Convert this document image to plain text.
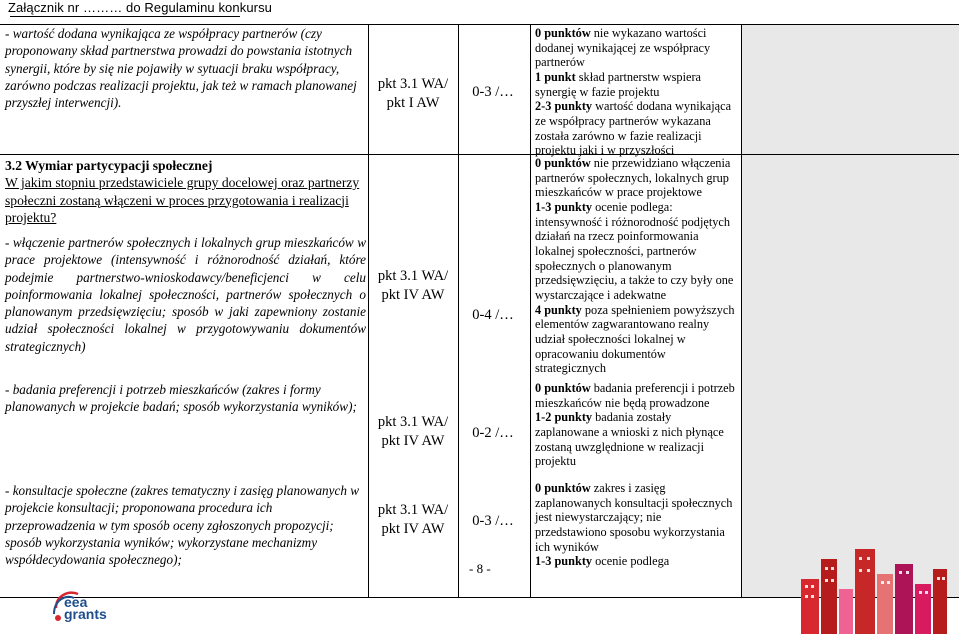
Załącznik nr ……… do Regulaminu konkursu
- wartość dodana wynikająca ze współpracy partnerów (czy proponowany skład partnerstwa prowadzi do powstania istotnych synergii, które by się nie pojawiły w sytuacji braku współpracy, zarówno podczas realizacji projektu, jak też w ramach planowanej przyszłej interwencji).
pkt 3.1 WA/
pkt I AW
0-3 /…
0 punktów nie wykazano wartości dodanej wynikającej ze współpracy partnerów
1 punkt skład partnerstw wspiera synergię w fazie projektu
2-3 punkty wartość dodana wynikająca ze współpracy partnerów wykazana została zarówno w fazie realizacji projektu jaki i w przyszłości
3.2 Wymiar partycypacji społecznej
W jakim stopniu przedstawiciele grupy docelowej oraz partnerzy społeczni zostaną włączeni w proces przygotowania i realizacji projektu?
- włączenie partnerów społecznych i lokalnych grup mieszkańców w prace projektowe (intensywność i różnorodność działań, które podejmie partnerstwo-wnioskodawcy/beneficjenci w celu poinformowania lokalnej społeczności, partnerów społecznych o planowanym przedsięwzięciu; sposób w jaki zapewniony zostanie udział społeczności lokalnej w przygotowywaniu dokumentów strategicznych)
pkt 3.1 WA/
pkt IV AW
0-4 /…
0 punktów nie przewidziano włączenia partnerów społecznych, lokalnych grup mieszkańców w prace projektowe
1-3 punkty ocenie podlega: intensywność i różnorodność podjętych działań na rzecz poinformowania lokalnej społeczności, partnerów społecznych o planowanym przedsięwzięciu, a także to czy były one wystarczające i adekwatne
4 punkty poza spełnieniem powyższych elementów zagwarantowano realny udział społeczności lokalnej w opracowaniu dokumentów strategicznych
- badania preferencji i potrzeb mieszkańców (zakres i formy planowanych w projekcie badań; sposób wykorzystania wyników);
pkt 3.1 WA/
pkt IV AW	0-2 /…
0 punktów badania preferencji i potrzeb mieszkańców nie będą prowadzone
1-2 punkty badania zostały zaplanowane a wnioski z nich płynące zostaną uwzględnione w realizacji projektu
- konsultacje społeczne (zakres tematyczny i zasięg planowanych w projekcie konsultacji; proponowana procedura ich przeprowadzenia w tym sposób oceny zgłoszonych propozycji; sposób wykorzystania wyników; wykorzystane mechanizmy współdecydowania społecznego);
pkt 3.1 WA/
pkt IV AW	0-3 /…
0 punktów zakres i zasięg zaplanowanych konsultacji społecznych jest niewystarczający; nie przedstawiono sposobu wykorzystania ich wyników
1-3 punkty ocenie podlega
- 8 -
eea
grants
